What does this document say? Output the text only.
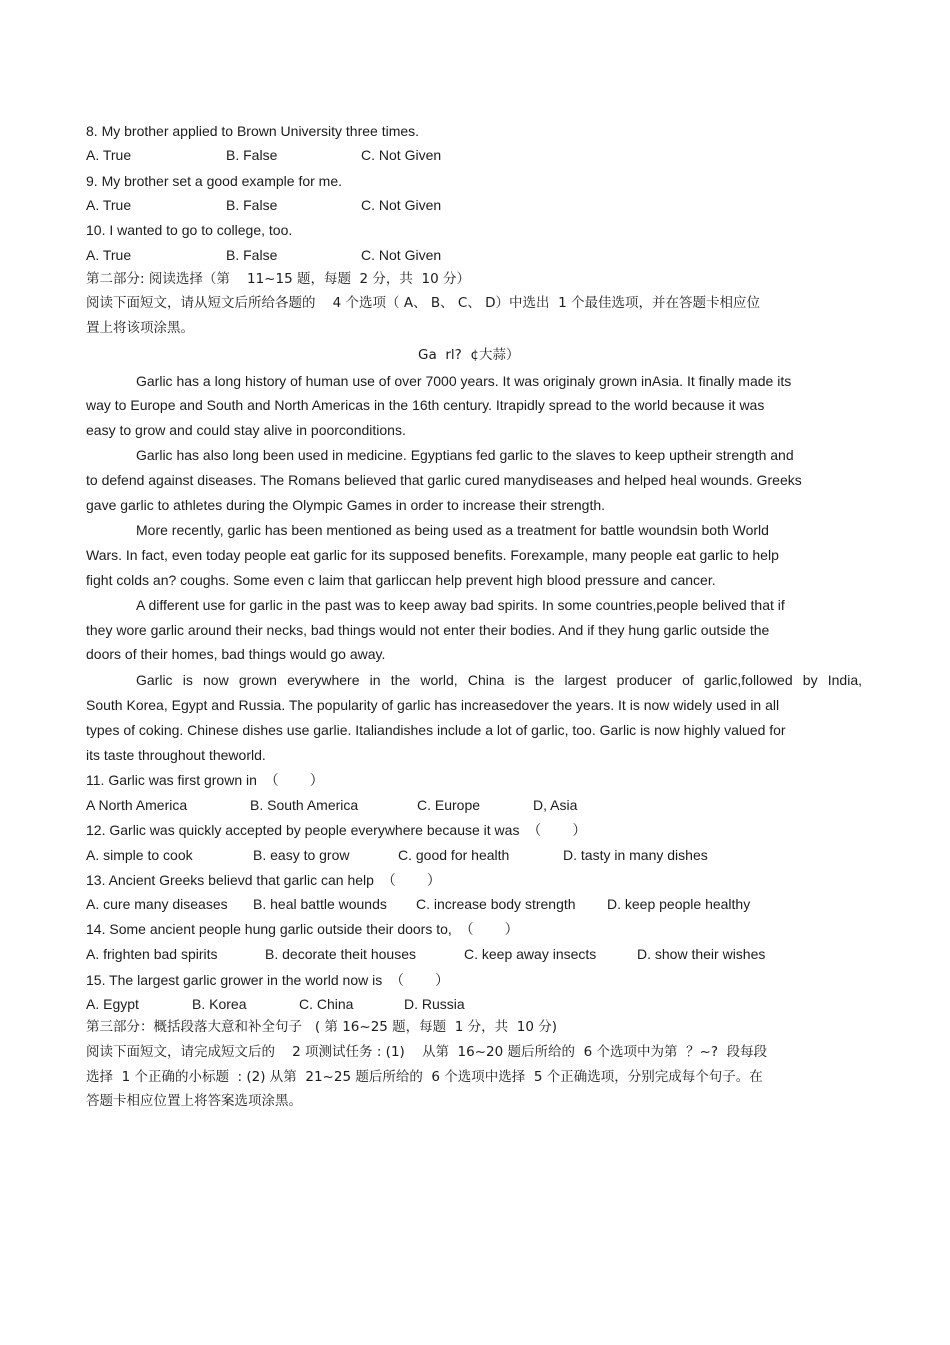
8. My brother applied to Brown University three times.
A. True	B. False	C. Not Given
9. My brother set a good example for me.
A. True	B. False	C. Not Given
10. I wanted to go to college, too.
A. True	B. False	C. Not Given
第二部分: 阅读选择（第    11~15 题，每题  2 分，共  10 分）
阅读下面短文，请从短文后所给各题的    4 个选项（ A、 B、 C、 D）中选出  1 个最佳选项，并在答题卡相应位
置上将该项涂黑。
Ga  rl?  ¢大蒜）
Garlic has a long history of human use of over 7000 years. It was originaly grown inAsia. It finally made its
way to Europe and South and North Americas in the 16th century. Itrapidly spread to the world because it was
easy to grow and could stay alive in poorconditions.
Garlic has also long been used in medicine. Egyptians fed garlic to the slaves to keep uptheir strength and
to defend against diseases. The Romans believed that garlic cured manydiseases and helped heal wounds. Greeks
gave garlic to athletes during the Olympic Games in order to increase their strength.
More recently, garlic has been mentioned as being used as a treatment for battle woundsin both World
Wars. In fact, even today people eat garlic for its supposed benefits. Forexample, many people eat garlic to help
fight colds an? coughs. Some even c laim that garliccan help prevent high blood pressure and cancer.
A different use for garlic in the past was to keep away bad spirits. In some countries,people belived that if
they wore garlic around their necks, bad things would not enter their bodies. And if they hung garlic outside the
doors of their homes, bad things would go away.
Garlic is now grown everywhere in the world, China is the largest producer of garlic,followed by India,
South Korea, Egypt and Russia. The popularity of garlic has increasedover the years. It is now widely used in all
types of coking. Chinese dishes use garlie. Italiandishes include a lot of garlic, too. Garlic is now highly valued for
its taste throughout theworld.
11. Garlic was first grown in  （        ）
A North America	B. South America	C. Europe	D, Asia
12. Garlic was quickly accepted by people everywhere because it was  （        ）
A. simple to cook	B. easy to grow	C. good for health	D. tasty in many dishes
13. Ancient Greeks believd that garlic can help  （        ）
A. cure many diseases B. heal battle wounds C. increase body strength D. keep people healthy
14. Some ancient people hung garlic outside their doors to,  （        ）
A. frighten bad spirits	B. decorate theit houses	C. keep away insects	D. show their wishes
15. The largest garlic grower in the world now is  （        ）
A. Egypt	B. Korea	C. China	D. Russia
第三部分：概括段落大意和补全句子   ( 第 16~25 题，每题  1 分，共  10 分)
阅读下面短文，请完成短文后的    2 项测试任务 : (1)    从第  16~20 题后所给的  6 个选项中为第  ？~?  段每段
选择  1 个正确的小标题  : (2) 从第  21~25 题后所给的  6 个选项中选择  5 个正确选项，分别完成每个句子。在
答题卡相应位置上将答案选项涂黑。
